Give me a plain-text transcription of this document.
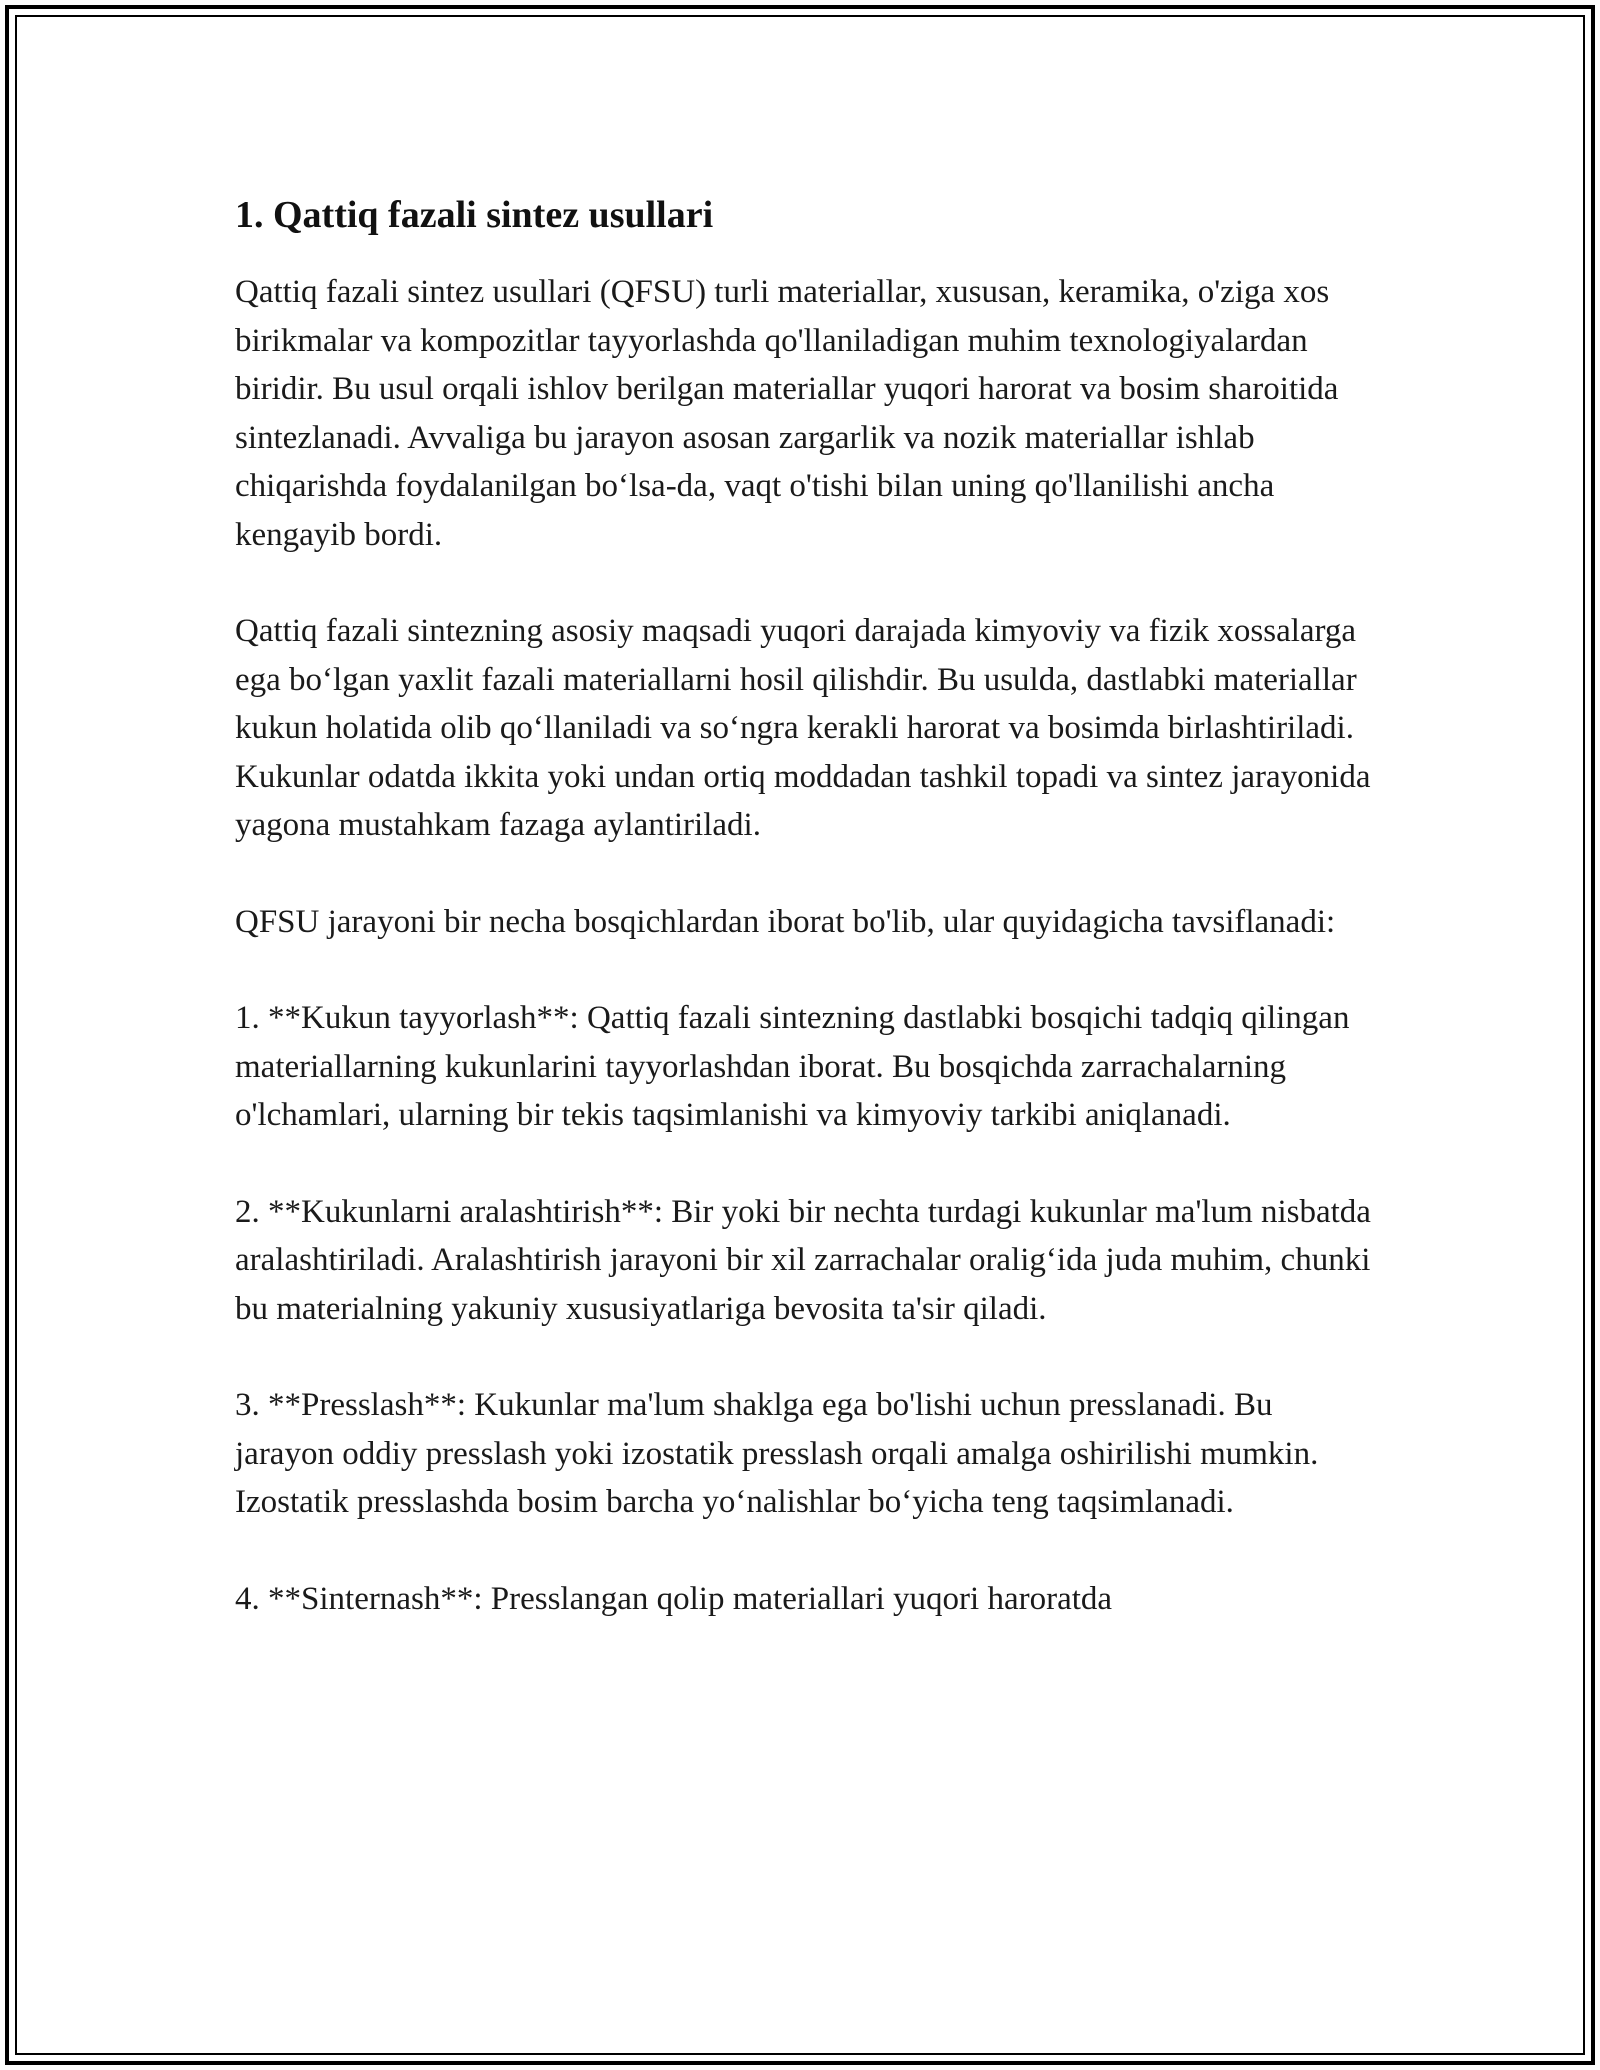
1. Qattiq fazali sintez usullari

Qattiq fazali sintez usullari (QFSU) turli materiallar, xususan, keramika, o'ziga xos birikmalar va kompozitlar tayyorlashda qo'llaniladigan muhim texnologiyalardan biridir. Bu usul orqali ishlov berilgan materiallar yuqori harorat va bosim sharoitida sintezlanadi. Avvaliga bu jarayon asosan zargarlik va nozik materiallar ishlab chiqarishda foydalanilgan bo‘lsa-da, vaqt o'tishi bilan uning qo'llanilishi ancha kengayib bordi.

Qattiq fazali sintezning asosiy maqsadi yuqori darajada kimyoviy va fizik xossalarga ega bo‘lgan yaxlit fazali materiallarni hosil qilishdir. Bu usulda, dastlabki materiallar kukun holatida olib qo‘llaniladi va so‘ngra kerakli harorat va bosimda birlashtiriladi. Kukunlar odatda ikkita yoki undan ortiq moddadan tashkil topadi va sintez jarayonida yagona mustahkam fazaga aylantiriladi.

QFSU jarayoni bir necha bosqichlardan iborat bo'lib, ular quyidagicha tavsiflanadi:

1. **Kukun tayyorlash**: Qattiq fazali sintezning dastlabki bosqichi tadqiq qilingan materiallarning kukunlarini tayyorlashdan iborat. Bu bosqichda zarrachalarning o'lchamlari, ularning bir tekis taqsimlanishi va kimyoviy tarkibi aniqlanadi.

2. **Kukunlarni aralashtirish**: Bir yoki bir nechta turdagi kukunlar ma'lum nisbatda aralashtiriladi. Aralashtirish jarayoni bir xil zarrachalar oralig‘ida juda muhim, chunki bu materialning yakuniy xususiyatlariga bevosita ta'sir qiladi.

3. **Presslash**: Kukunlar ma'lum shaklga ega bo'lishi uchun presslanadi. Bu jarayon oddiy presslash yoki izostatik presslash orqali amalga oshirilishi mumkin. Izostatik presslashda bosim barcha yo‘nalishlar bo‘yicha teng taqsimlanadi.

4. **Sinternash**: Presslangan qolip materiallari yuqori haroratda
